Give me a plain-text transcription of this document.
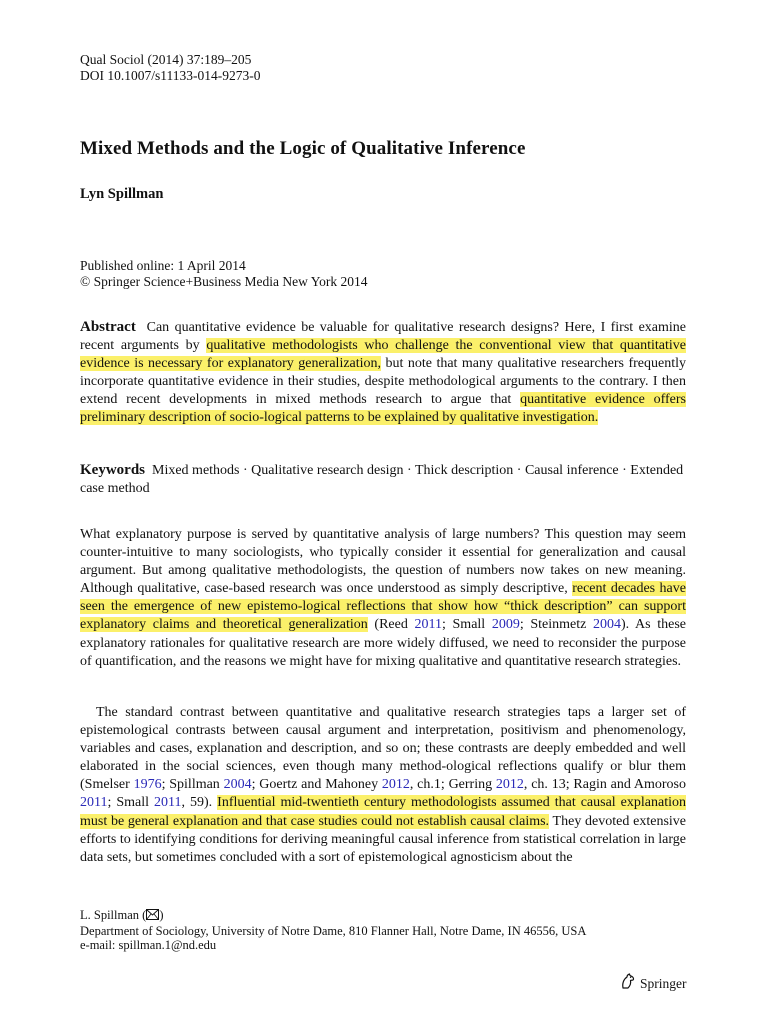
Qual Sociol (2014) 37:189–205
DOI 10.1007/s11133-014-9273-0
Mixed Methods and the Logic of Qualitative Inference
Lyn Spillman
Published online: 1 April 2014
© Springer Science+Business Media New York 2014
Abstract Can quantitative evidence be valuable for qualitative research designs? Here, I first examine recent arguments by qualitative methodologists who challenge the conventional view that quantitative evidence is necessary for explanatory generalization, but note that many qualitative researchers frequently incorporate quantitative evidence in their studies, despite methodological arguments to the contrary. I then extend recent developments in mixed methods research to argue that quantitative evidence offers preliminary description of socio-logical patterns to be explained by qualitative investigation.
Keywords Mixed methods · Qualitative research design · Thick description · Causal inference · Extended case method

What explanatory purpose is served by quantitative analysis of large numbers? This question may seem counter-intuitive to many sociologists, who typically consider it essential for generalization and causal argument. But among qualitative methodologists, the question of numbers now takes on new meaning. Although qualitative, case-based research was once understood as simply descriptive, recent decades have seen the emergence of new epistemo-logical reflections that show how “thick description” can support explanatory claims and theoretical generalization (Reed 2011; Small 2009; Steinmetz 2004). As these explanatory rationales for qualitative research are more widely diffused, we need to reconsider the purpose of quantification, and the reasons we might have for mixing qualitative and quantitative research strategies.

The standard contrast between quantitative and qualitative research strategies taps a larger set of epistemological contrasts between causal argument and interpretation, positivism and phenomenology, variables and cases, explanation and description, and so on; these contrasts are deeply embedded and well elaborated in the social sciences, even though many method-ological reflections qualify or blur them (Smelser 1976; Spillman 2004; Goertz and Mahoney 2012, ch.1; Gerring 2012, ch. 13; Ragin and Amoroso 2011; Small 2011, 59). Influential mid-twentieth century methodologists assumed that causal explanation must be general explanation and that case studies could not establish causal claims. They devoted extensive efforts to identifying conditions for deriving meaningful causal inference from statistical correlation in large data sets, but sometimes concluded with a sort of epistemological agnosticism about the

L. Spillman ( )
Department of Sociology, University of Notre Dame, 810 Flanner Hall, Notre Dame, IN 46556, USA
e-mail: spillman.1@nd.edu
Springer
